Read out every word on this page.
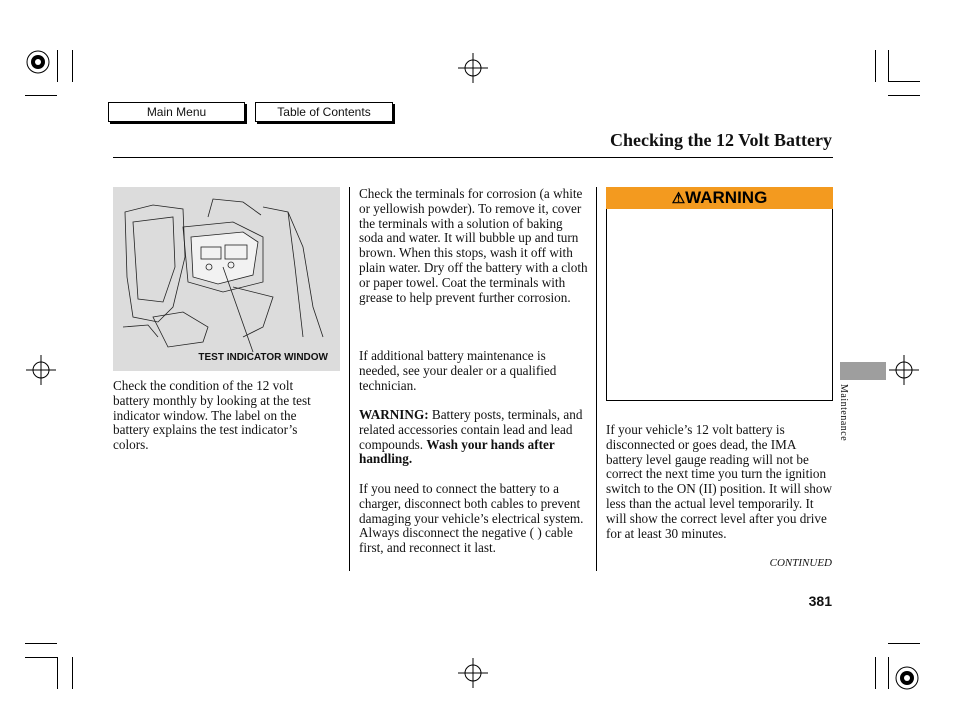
Main Menu	Table of Contents
Checking the 12 Volt Battery
TEST INDICATOR WINDOW
Check the condition of the 12 volt battery monthly by looking at the test indicator window. The label on the battery explains the test indicator’s colors.
Check the terminals for corrosion (a white or yellowish powder). To remove it, cover the terminals with a solution of baking soda and water. It will bubble up and turn brown. When this stops, wash it off with plain water. Dry off the battery with a cloth or paper towel. Coat the terminals with grease to help prevent further corrosion.
If additional battery maintenance is needed, see your dealer or a qualified technician.
WARNING: Battery posts, terminals, and related accessories contain lead and lead compounds. Wash your hands after handling.
If you need to connect the battery to a charger, disconnect both cables to prevent damaging your vehicle’s electrical system. Always disconnect the negative ( ) cable first, and reconnect it last.
⚠WARNING
If your vehicle’s 12 volt battery is disconnected or goes dead, the IMA battery level gauge reading will not be correct the next time you turn the ignition switch to the ON (II) position. It will show less than the actual level temporarily. It will show the correct level after you drive for at least 30 minutes.
CONTINUED
Maintenance
381
